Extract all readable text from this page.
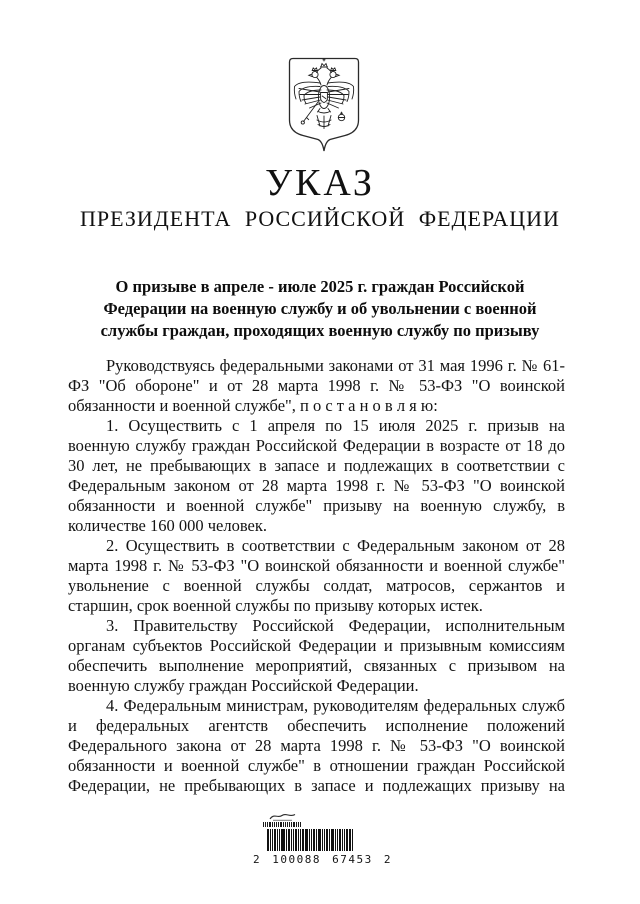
УКАЗ
ПРЕЗИДЕНТА РОССИЙСКОЙ ФЕДЕРАЦИИ
О призыве в апреле - июле 2025 г. граждан Российской Федерации на военную службу и об увольнении с военной службы граждан, проходящих военную службу по призыву

Руководствуясь федеральными законами от 31 мая 1996 г. № 61-ФЗ "Об обороне" и от 28 марта 1998 г. № 53-ФЗ "О воинской обязанности и военной службе", п о с т а н о в л я ю:

1. Осуществить с 1 апреля по 15 июля 2025 г. призыв на военную службу граждан Российской Федерации в возрасте от 18 до 30 лет, не пребывающих в запасе и подлежащих в соответствии с Федеральным законом от 28 марта 1998 г. № 53-ФЗ "О воинской обязанности и военной службе" призыву на военную службу, в количестве 160 000 человек.

2. Осуществить в соответствии с Федеральным законом от 28 марта 1998 г. № 53-ФЗ "О воинской обязанности и военной службе" увольнение с военной службы солдат, матросов, сержантов и старшин, срок военной службы по призыву которых истек.

3. Правительству Российской Федерации, исполнительным органам субъектов Российской Федерации и призывным комиссиям обеспечить выполнение мероприятий, связанных с призывом на военную службу граждан Российской Федерации.

4. Федеральным министрам, руководителям федеральных служб и федеральных агентств обеспечить исполнение положений Федерального закона от 28 марта 1998 г. № 53-ФЗ "О воинской обязанности и военной службе" в отношении граждан Российской Федерации, не пребывающих в запасе и подлежащих призыву на

2 100088 67453 2
